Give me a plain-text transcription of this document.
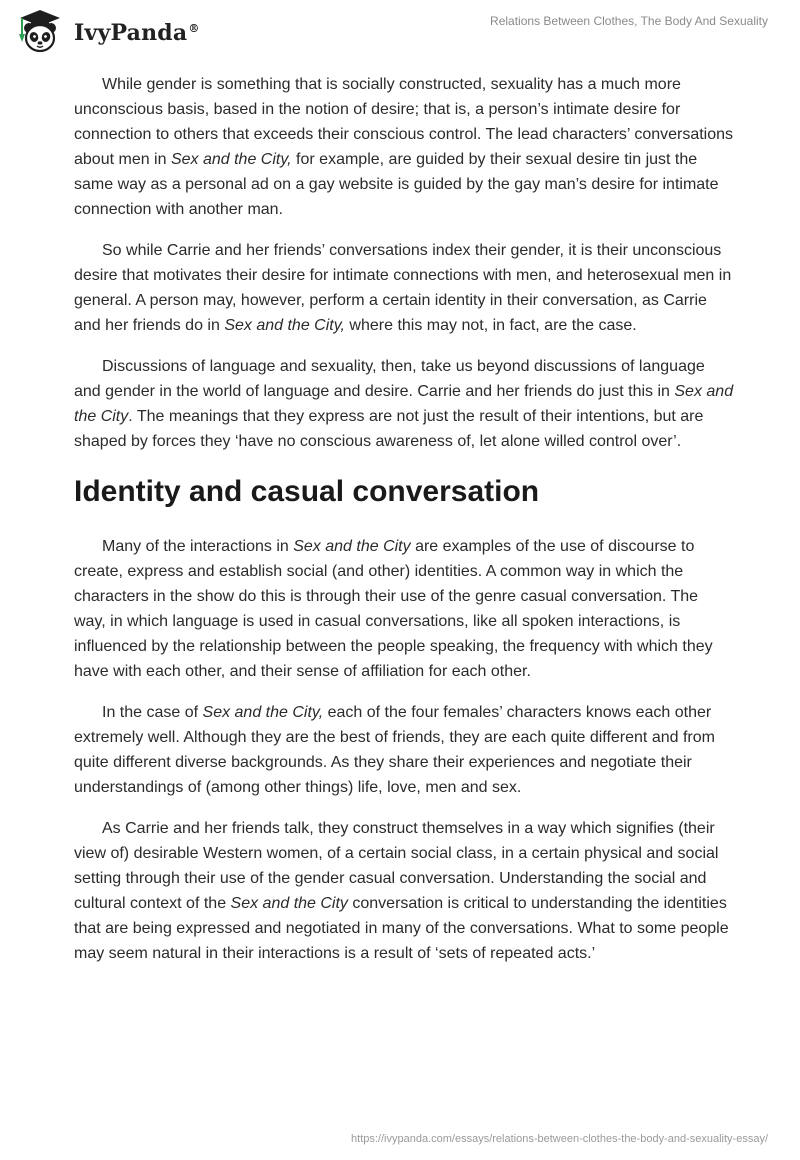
IvyPanda®
Relations Between Clothes, The Body And Sexuality

While gender is something that is socially constructed, sexuality has a much more unconscious basis, based in the notion of desire; that is, a person’s intimate desire for connection to others that exceeds their conscious control. The lead characters’ conversations about men in Sex and the City, for example, are guided by their sexual desire tin just the same way as a personal ad on a gay website is guided by the gay man’s desire for intimate connection with another man.

So while Carrie and her friends’ conversations index their gender, it is their unconscious desire that motivates their desire for intimate connections with men, and heterosexual men in general. A person may, however, perform a certain identity in their conversation, as Carrie and her friends do in Sex and the City, where this may not, in fact, are the case.

Discussions of language and sexuality, then, take us beyond discussions of language and gender in the world of language and desire. Carrie and her friends do just this in Sex and the City. The meanings that they express are not just the result of their intentions, but are shaped by forces they ‘have no conscious awareness of, let alone willed control over’.

Identity and casual conversation

Many of the interactions in Sex and the City are examples of the use of discourse to create, express and establish social (and other) identities. A common way in which the characters in the show do this is through their use of the genre casual conversation. The way, in which language is used in casual conversations, like all spoken interactions, is influenced by the relationship between the people speaking, the frequency with which they have with each other, and their sense of affiliation for each other.

In the case of Sex and the City, each of the four females’ characters knows each other extremely well. Although they are the best of friends, they are each quite different and from quite different diverse backgrounds. As they share their experiences and negotiate their understandings of (among other things) life, love, men and sex.

As Carrie and her friends talk, they construct themselves in a way which signifies (their view of) desirable Western women, of a certain social class, in a certain physical and social setting through their use of the gender casual conversation. Understanding the social and cultural context of the Sex and the City conversation is critical to understanding the identities that are being expressed and negotiated in many of the conversations. What to some people may seem natural in their interactions is a result of ‘sets of repeated acts.’

https://ivypanda.com/essays/relations-between-clothes-the-body-and-sexuality-essay/
